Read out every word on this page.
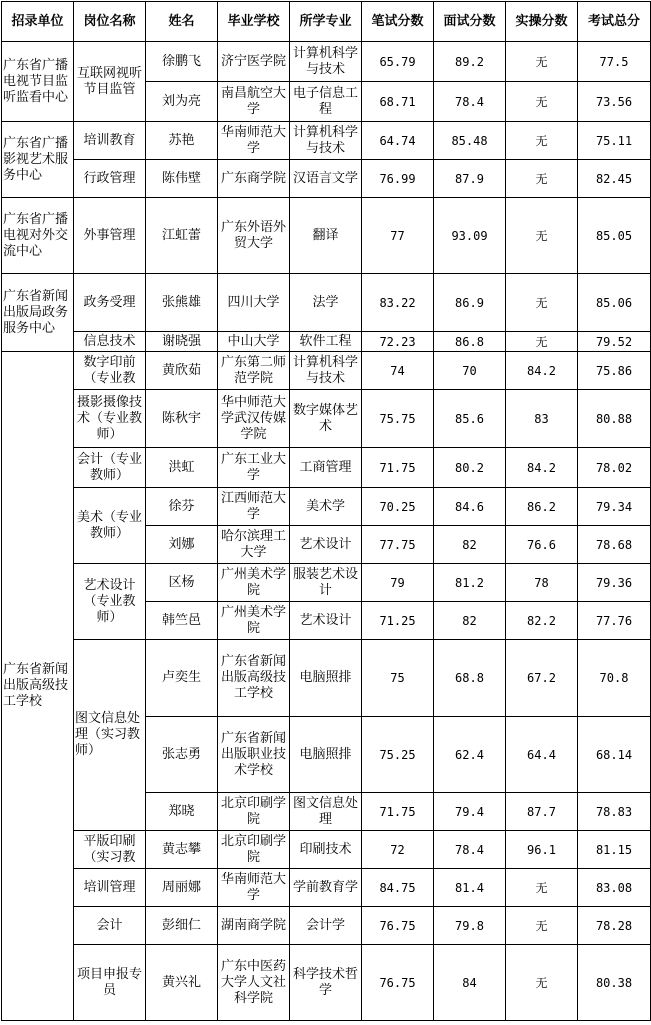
招录单位	岗位名称	姓名	毕业学校	所学专业	笔试分数	面试分数	实操分数	考试总分
广东省广播电视节目监听监看中心	互联网视听节目监管	徐鹏飞	济宁医学院	计算机科学与技术	65.79	89.2	无	77.5
		刘为亮	南昌航空大学	电子信息工程	68.71	78.4	无	73.56
广东省广播影视艺术服务中心	培训教育	苏艳	华南师范大学	计算机科学与技术	64.74	85.48	无	75.11
	行政管理	陈伟壁	广东商学院	汉语言文学	76.99	87.9	无	82.45
广东省广播电视对外交流中心	外事管理	江虹蕾	广东外语外贸大学	翻译	77	93.09	无	85.05
广东省新闻出版局政务服务中心	政务受理	张熊雄	四川大学	法学	83.22	86.9	无	85.06
	信息技术	谢晓强	中山大学	软件工程	72.23	86.8	无	79.52
广东省新闻出版高级技工学校	数字印前（专业教	黄欣茹	广东第二师范学院	计算机科学与技术	74	70	84.2	75.86
	摄影摄像技术（专业教师）	陈秋宇	华中师范大学武汉传媒学院	数字媒体艺术	75.75	85.6	83	80.88
	会计（专业教师）	洪虹	广东工业大学	工商管理	71.75	80.2	84.2	78.02
	美术（专业教师）	徐芬	江西师范大学	美术学	70.25	84.6	86.2	79.34
		刘娜	哈尔滨理工大学	艺术设计	77.75	82	76.6	78.68
	艺术设计（专业教师）	区杨	广州美术学院	服装艺术设计	79	81.2	78	79.36
		韩竺邑	广州美术学院	艺术设计	71.25	82	82.2	77.76
	图文信息处理（实习教师）	卢奕生	广东省新闻出版高级技工学校	电脑照排	75	68.8	67.2	70.8
		张志勇	广东省新闻出版职业技术学校	电脑照排	75.25	62.4	64.4	68.14
		郑晓	北京印刷学院	图文信息处理	71.75	79.4	87.7	78.83
	平版印刷（实习教	黄志攀	北京印刷学院	印刷技术	72	78.4	96.1	81.15
	培训管理	周丽娜	华南师范大学	学前教育学	84.75	81.4	无	83.08
	会计	彭细仁	湖南商学院	会计学	76.75	79.8	无	78.28
	项目申报专员	黄兴礼	广东中医药大学人文社科学院	科学技术哲学	76.75	84	无	80.38
